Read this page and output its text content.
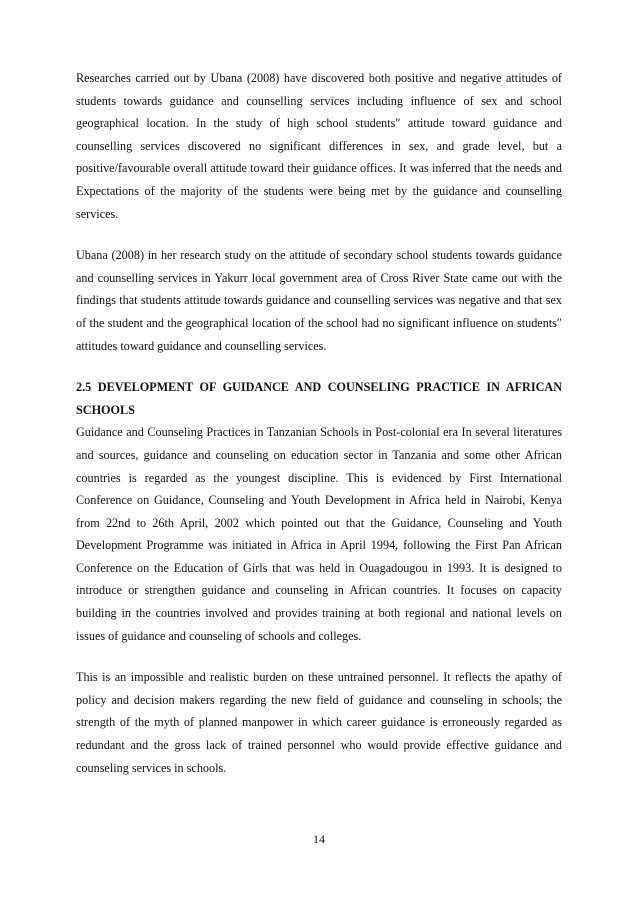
Researches carried out by Ubana (2008) have discovered both positive and negative attitudes of students towards guidance and counselling services including influence of sex and school geographical location. In the study of high school students″ attitude toward guidance and counselling services discovered no significant differences in sex, and grade level, but a positive/favourable overall attitude toward their guidance offices. It was inferred that the needs and Expectations of the majority of the students were being met by the guidance and counselling services.

Ubana (2008) in her research study on the attitude of secondary school students towards guidance and counselling services in Yakurr local government area of Cross River State came out with the findings that students attitude towards guidance and counselling services was negative and that sex of the student and the geographical location of the school had no significant influence on students″ attitudes toward guidance and counselling services.

2.5 DEVELOPMENT OF GUIDANCE AND COUNSELING PRACTICE IN AFRICAN SCHOOLS

Guidance and Counseling Practices in Tanzanian Schools in Post-colonial era In several literatures and sources, guidance and counseling on education sector in Tanzania and some other African countries is regarded as the youngest discipline. This is evidenced by First International Conference on Guidance, Counseling and Youth Development in Africa held in Nairobi, Kenya from 22nd to 26th April, 2002 which pointed out that the Guidance, Counseling and Youth Development Programme was initiated in Africa in April 1994, following the First Pan African Conference on the Education of Girls that was held in Ouagadougou in 1993. It is designed to introduce or strengthen guidance and counseling in African countries. It focuses on capacity building in the countries involved and provides training at both regional and national levels on issues of guidance and counseling of schools and colleges.

This is an impossible and realistic burden on these untrained personnel. It reflects the apathy of policy and decision makers regarding the new field of guidance and counseling in schools; the strength of the myth of planned manpower in which career guidance is erroneously regarded as redundant and the gross lack of trained personnel who would provide effective guidance and counseling services in schools.

14
